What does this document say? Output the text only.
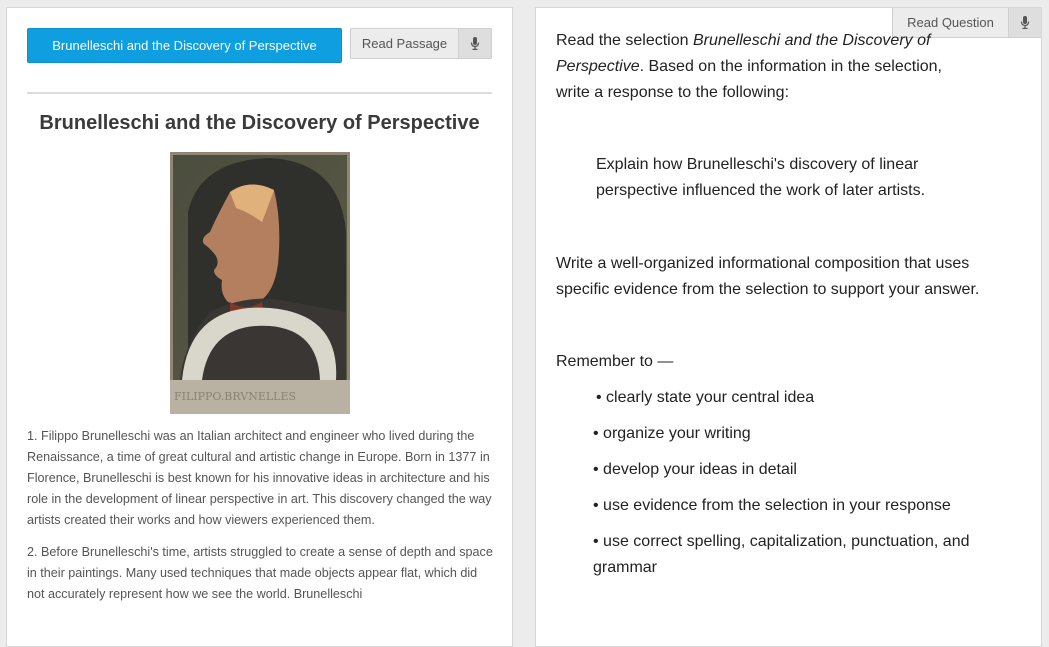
Brunelleschi and the Discovery of Perspective	Read Passage
Brunelleschi and the Discovery of Perspective
FILIPPO.BRVNELLES

1. Filippo Brunelleschi was an Italian architect and engineer who lived during the Renaissance, a time of great cultural and artistic change in Europe. Born in 1377 in Florence, Brunelleschi is best known for his innovative ideas in architecture and his role in the development of linear perspective in art. This discovery changed the way artists created their works and how viewers experienced them.

2. Before Brunelleschi's time, artists struggled to create a sense of depth and space in their paintings. Many used techniques that made objects appear flat, which did not accurately represent how we see the world. Brunelleschi

Read Question

Read the selection Brunelleschi and the Discovery of Perspective. Based on the information in the selection, write a response to the following:

Explain how Brunelleschi's discovery of linear perspective influenced the work of later artists.

Write a well-organized informational composition that uses specific evidence from the selection to support your answer.

Remember to —

• clearly state your central idea
• organize your writing
• develop your ideas in detail
• use evidence from the selection in your response
• use correct spelling, capitalization, punctuation, and grammar
